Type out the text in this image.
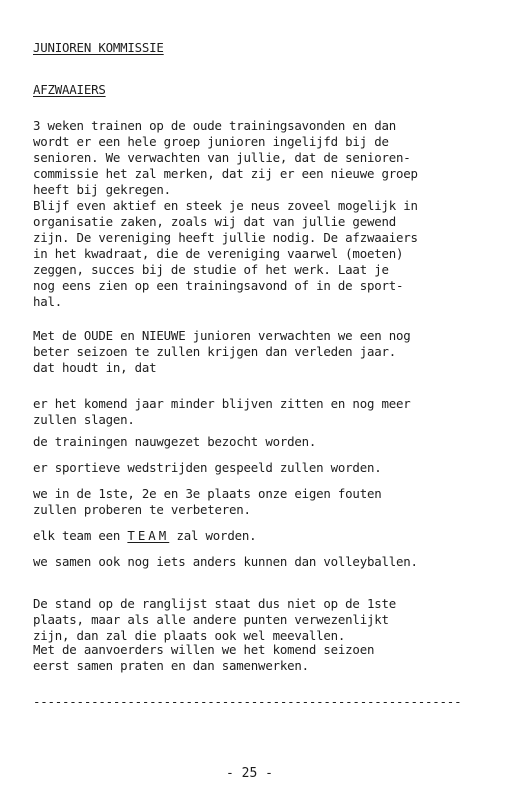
JUNIOREN KOMMISSIE
AFZWAAIERS
3 weken trainen op de oude trainingsavonden en dan
wordt er een hele groep junioren ingelijfd bij de
senioren. We verwachten van jullie, dat de senioren-
commissie het zal merken, dat zij er een nieuwe groep
heeft bij gekregen.
Blijf even aktief en steek je neus zoveel mogelijk in
organisatie zaken, zoals wij dat van jullie gewend
zijn. De vereniging heeft jullie nodig. De afzwaaiers
in het kwadraat, die de vereniging vaarwel (moeten)
zeggen, succes bij de studie of het werk. Laat je
nog eens zien op een trainingsavond of in de sport-
hal.
Met de OUDE en NIEUWE junioren verwachten we een nog
beter seizoen te zullen krijgen dan verleden jaar.
dat houdt in, dat
er het komend jaar minder blijven zitten en nog meer
zullen slagen.
de trainingen nauwgezet bezocht worden.
er sportieve wedstrijden gespeeld zullen worden.
we in de 1ste, 2e en 3e plaats onze eigen fouten
zullen proberen te verbeteren.
elk team een TEAM zal worden.
we samen ook nog iets anders kunnen dan volleyballen.
De stand op de ranglijst staat dus niet op de 1ste
plaats, maar als alle andere punten verwezenlijkt
zijn, dan zal die plaats ook wel meevallen.
Met de aanvoerders willen we het komend seizoen
eerst samen praten en dan samenwerken.
-----------------------------------------------------------
- 25 -
